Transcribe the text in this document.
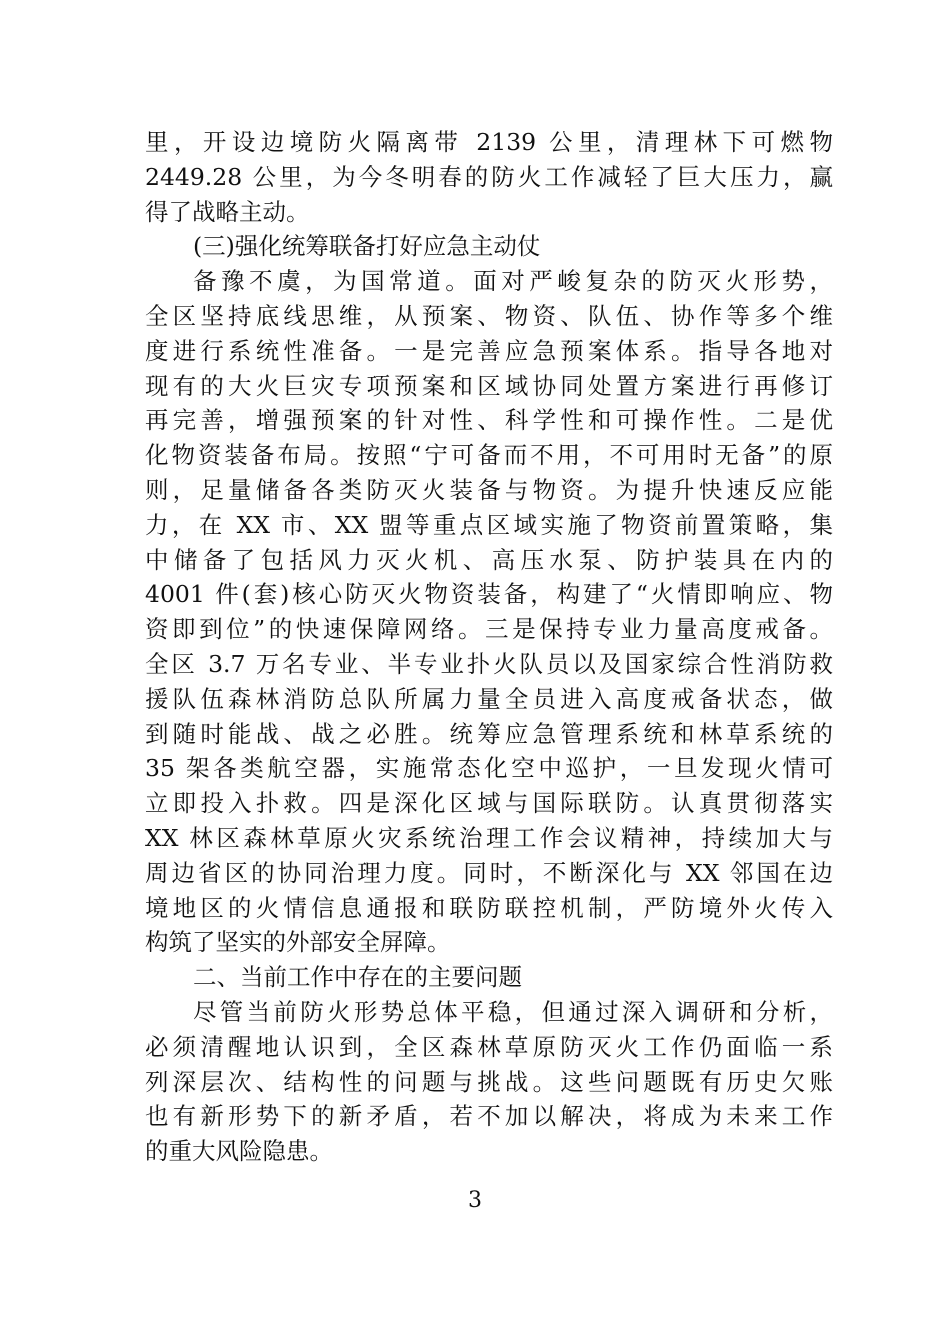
里，开设边境防火隔离带 2139 公里，清理林下可燃物
2449.28 公里，为今冬明春的防火工作减轻了巨大压力，赢
得了战略主动。
(三)强化统筹联备打好应急主动仗
备豫不虞，为国常道。面对严峻复杂的防灭火形势，
全区坚持底线思维，从预案、物资、队伍、协作等多个维
度进行系统性准备。一是完善应急预案体系。指导各地对
现有的大火巨灾专项预案和区域协同处置方案进行再修订
再完善，增强预案的针对性、科学性和可操作性。二是优
化物资装备布局。按照“宁可备而不用，不可用时无备”的原
则，足量储备各类防灭火装备与物资。为提升快速反应能
力，在 XX 市、XX 盟等重点区域实施了物资前置策略，集
中储备了包括风力灭火机、高压水泵、防护装具在内的
4001 件(套)核心防灭火物资装备，构建了“火情即响应、物
资即到位”的快速保障网络。三是保持专业力量高度戒备。
全区 3.7 万名专业、半专业扑火队员以及国家综合性消防救
援队伍森林消防总队所属力量全员进入高度戒备状态，做
到随时能战、战之必胜。统筹应急管理系统和林草系统的
35 架各类航空器，实施常态化空中巡护，一旦发现火情可
立即投入扑救。四是深化区域与国际联防。认真贯彻落实
XX 林区森林草原火灾系统治理工作会议精神，持续加大与
周边省区的协同治理力度。同时，不断深化与 XX 邻国在边
境地区的火情信息通报和联防联控机制，严防境外火传入
构筑了坚实的外部安全屏障。
二、当前工作中存在的主要问题
尽管当前防火形势总体平稳，但通过深入调研和分析，
必须清醒地认识到，全区森林草原防灭火工作仍面临一系
列深层次、结构性的问题与挑战。这些问题既有历史欠账
也有新形势下的新矛盾，若不加以解决，将成为未来工作
的重大风险隐患。
3
